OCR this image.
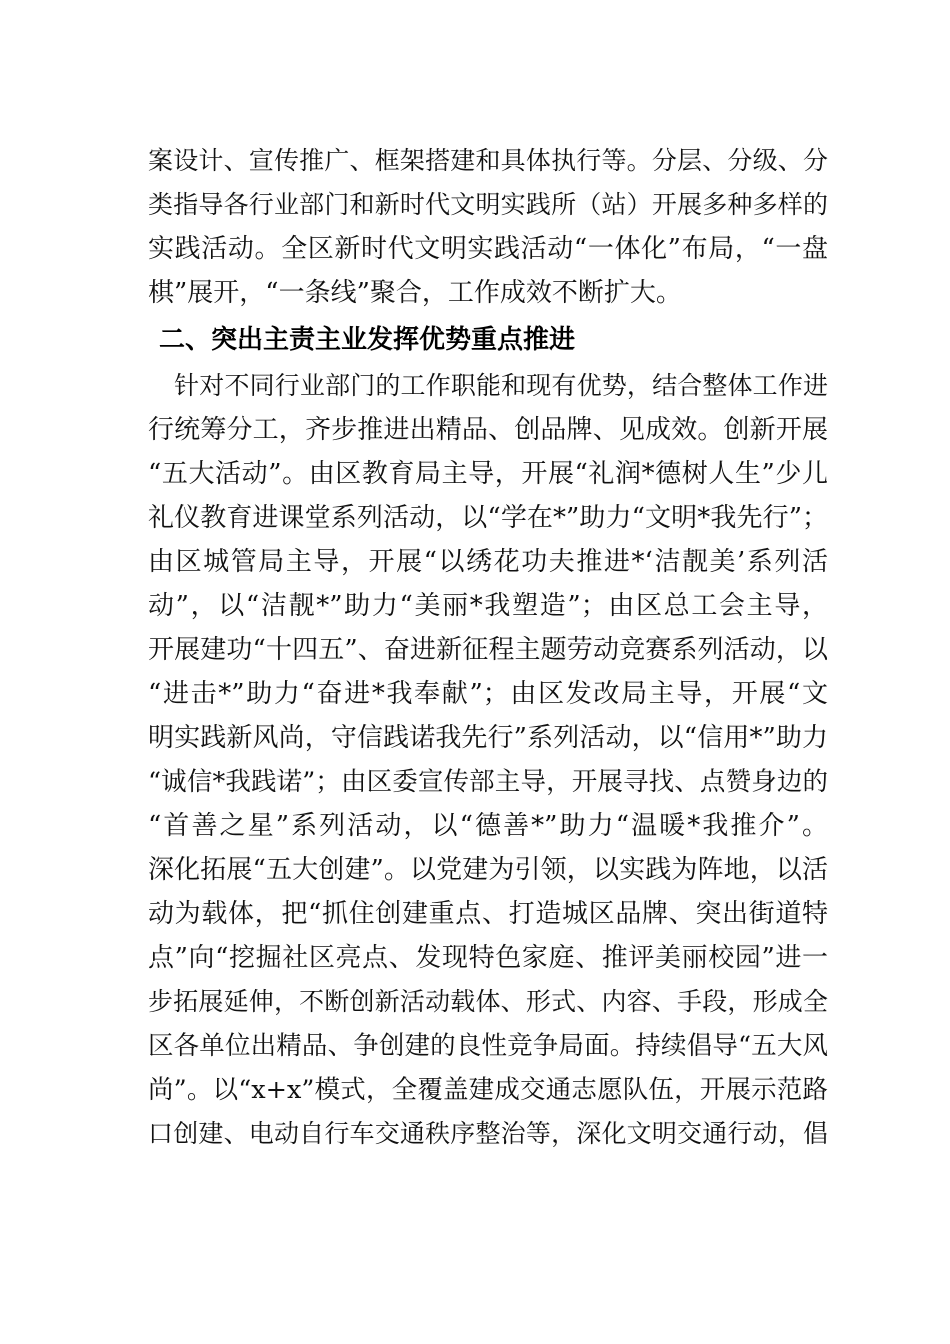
案设计、宣传推广、框架搭建和具体执行等。分层、分级、分
类指导各行业部门和新时代文明实践所（站）开展多种多样的
实践活动。全区新时代文明实践活动“一体化”布局，“一盘
棋”展开，“一条线”聚合，工作成效不断扩大。
二、突出主责主业发挥优势重点推进
针对不同行业部门的工作职能和现有优势，结合整体工作进
行统筹分工，齐步推进出精品、创品牌、见成效。创新开展
“五大活动”。由区教育局主导，开展“礼润*德树人生”少儿
礼仪教育进课堂系列活动，以“学在*”助力“文明*我先行”；
由区城管局主导，开展“以绣花功夫推进*‘洁靓美’系列活
动”，以“洁靓*”助力“美丽*我塑造”；由区总工会主导，
开展建功“十四五”、奋进新征程主题劳动竞赛系列活动，以
“进击*”助力“奋进*我奉献”；由区发改局主导，开展“文
明实践新风尚，守信践诺我先行”系列活动，以“信用*”助力
“诚信*我践诺”；由区委宣传部主导，开展寻找、点赞身边的
“首善之星”系列活动，以“德善*”助力“温暖*我推介”。
深化拓展“五大创建”。以党建为引领，以实践为阵地，以活
动为载体，把“抓住创建重点、打造城区品牌、突出街道特
点”向“挖掘社区亮点、发现特色家庭、推评美丽校园”进一
步拓展延伸，不断创新活动载体、形式、内容、手段，形成全
区各单位出精品、争创建的良性竞争局面。持续倡导“五大风
尚”。以“x+x”模式，全覆盖建成交通志愿队伍，开展示范路
口创建、电动自行车交通秩序整治等，深化文明交通行动，倡
